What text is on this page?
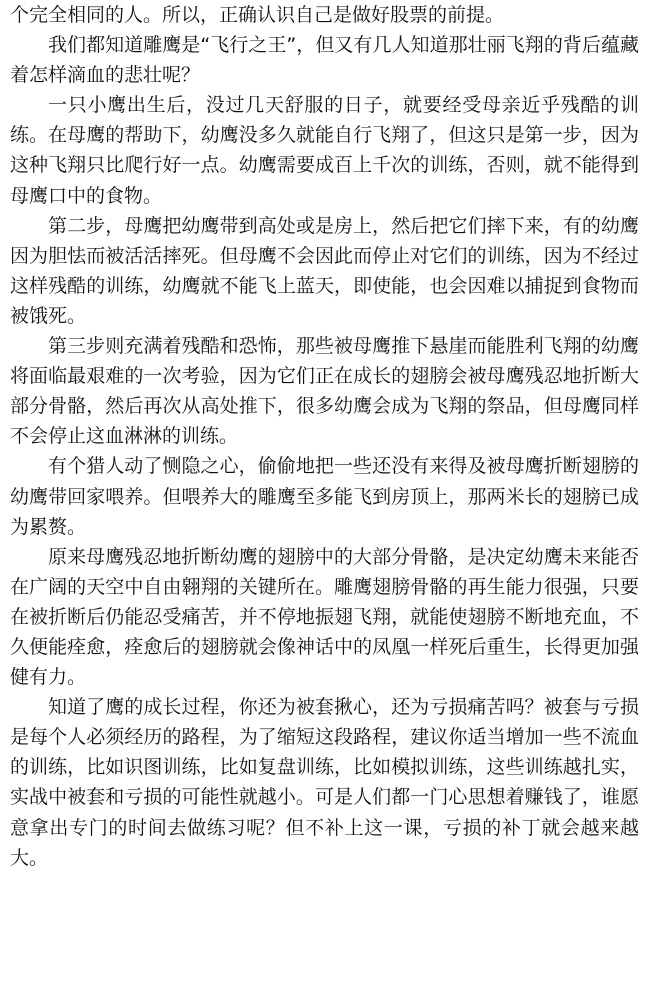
个完全相同的人。所以，正确认识自己是做好股票的前提。

我们都知道雕鹰是“飞行之王”，但又有几人知道那壮丽飞翔的背后蕴藏着怎样滴血的悲壮呢？

一只小鹰出生后，没过几天舒服的日子，就要经受母亲近乎残酷的训练。在母鹰的帮助下，幼鹰没多久就能自行飞翔了，但这只是第一步，因为这种飞翔只比爬行好一点。幼鹰需要成百上千次的训练，否则，就不能得到母鹰口中的食物。

第二步，母鹰把幼鹰带到高处或是房上，然后把它们摔下来，有的幼鹰因为胆怯而被活活摔死。但母鹰不会因此而停止对它们的训练，因为不经过这样残酷的训练，幼鹰就不能飞上蓝天，即使能，也会因难以捕捉到食物而被饿死。

第三步则充满着残酷和恐怖，那些被母鹰推下悬崖而能胜利飞翔的幼鹰将面临最艰难的一次考验，因为它们正在成长的翅膀会被母鹰残忍地折断大部分骨骼，然后再次从高处推下，很多幼鹰会成为飞翔的祭品，但母鹰同样不会停止这血淋淋的训练。

有个猎人动了恻隐之心，偷偷地把一些还没有来得及被母鹰折断翅膀的幼鹰带回家喂养。但喂养大的雕鹰至多能飞到房顶上，那两米长的翅膀已成为累赘。

原来母鹰残忍地折断幼鹰的翅膀中的大部分骨骼，是决定幼鹰未来能否在广阔的天空中自由翱翔的关键所在。雕鹰翅膀骨骼的再生能力很强，只要在被折断后仍能忍受痛苦，并不停地振翅飞翔，就能使翅膀不断地充血，不久便能痊愈，痊愈后的翅膀就会像神话中的凤凰一样死后重生，长得更加强健有力。

知道了鹰的成长过程，你还为被套揪心，还为亏损痛苦吗？被套与亏损是每个人必须经历的路程，为了缩短这段路程，建议你适当增加一些不流血的训练，比如识图训练，比如复盘训练，比如模拟训练，这些训练越扎实，实战中被套和亏损的可能性就越小。可是人们都一门心思想着赚钱了，谁愿意拿出专门的时间去做练习呢？但不补上这一课，亏损的补丁就会越来越大。
